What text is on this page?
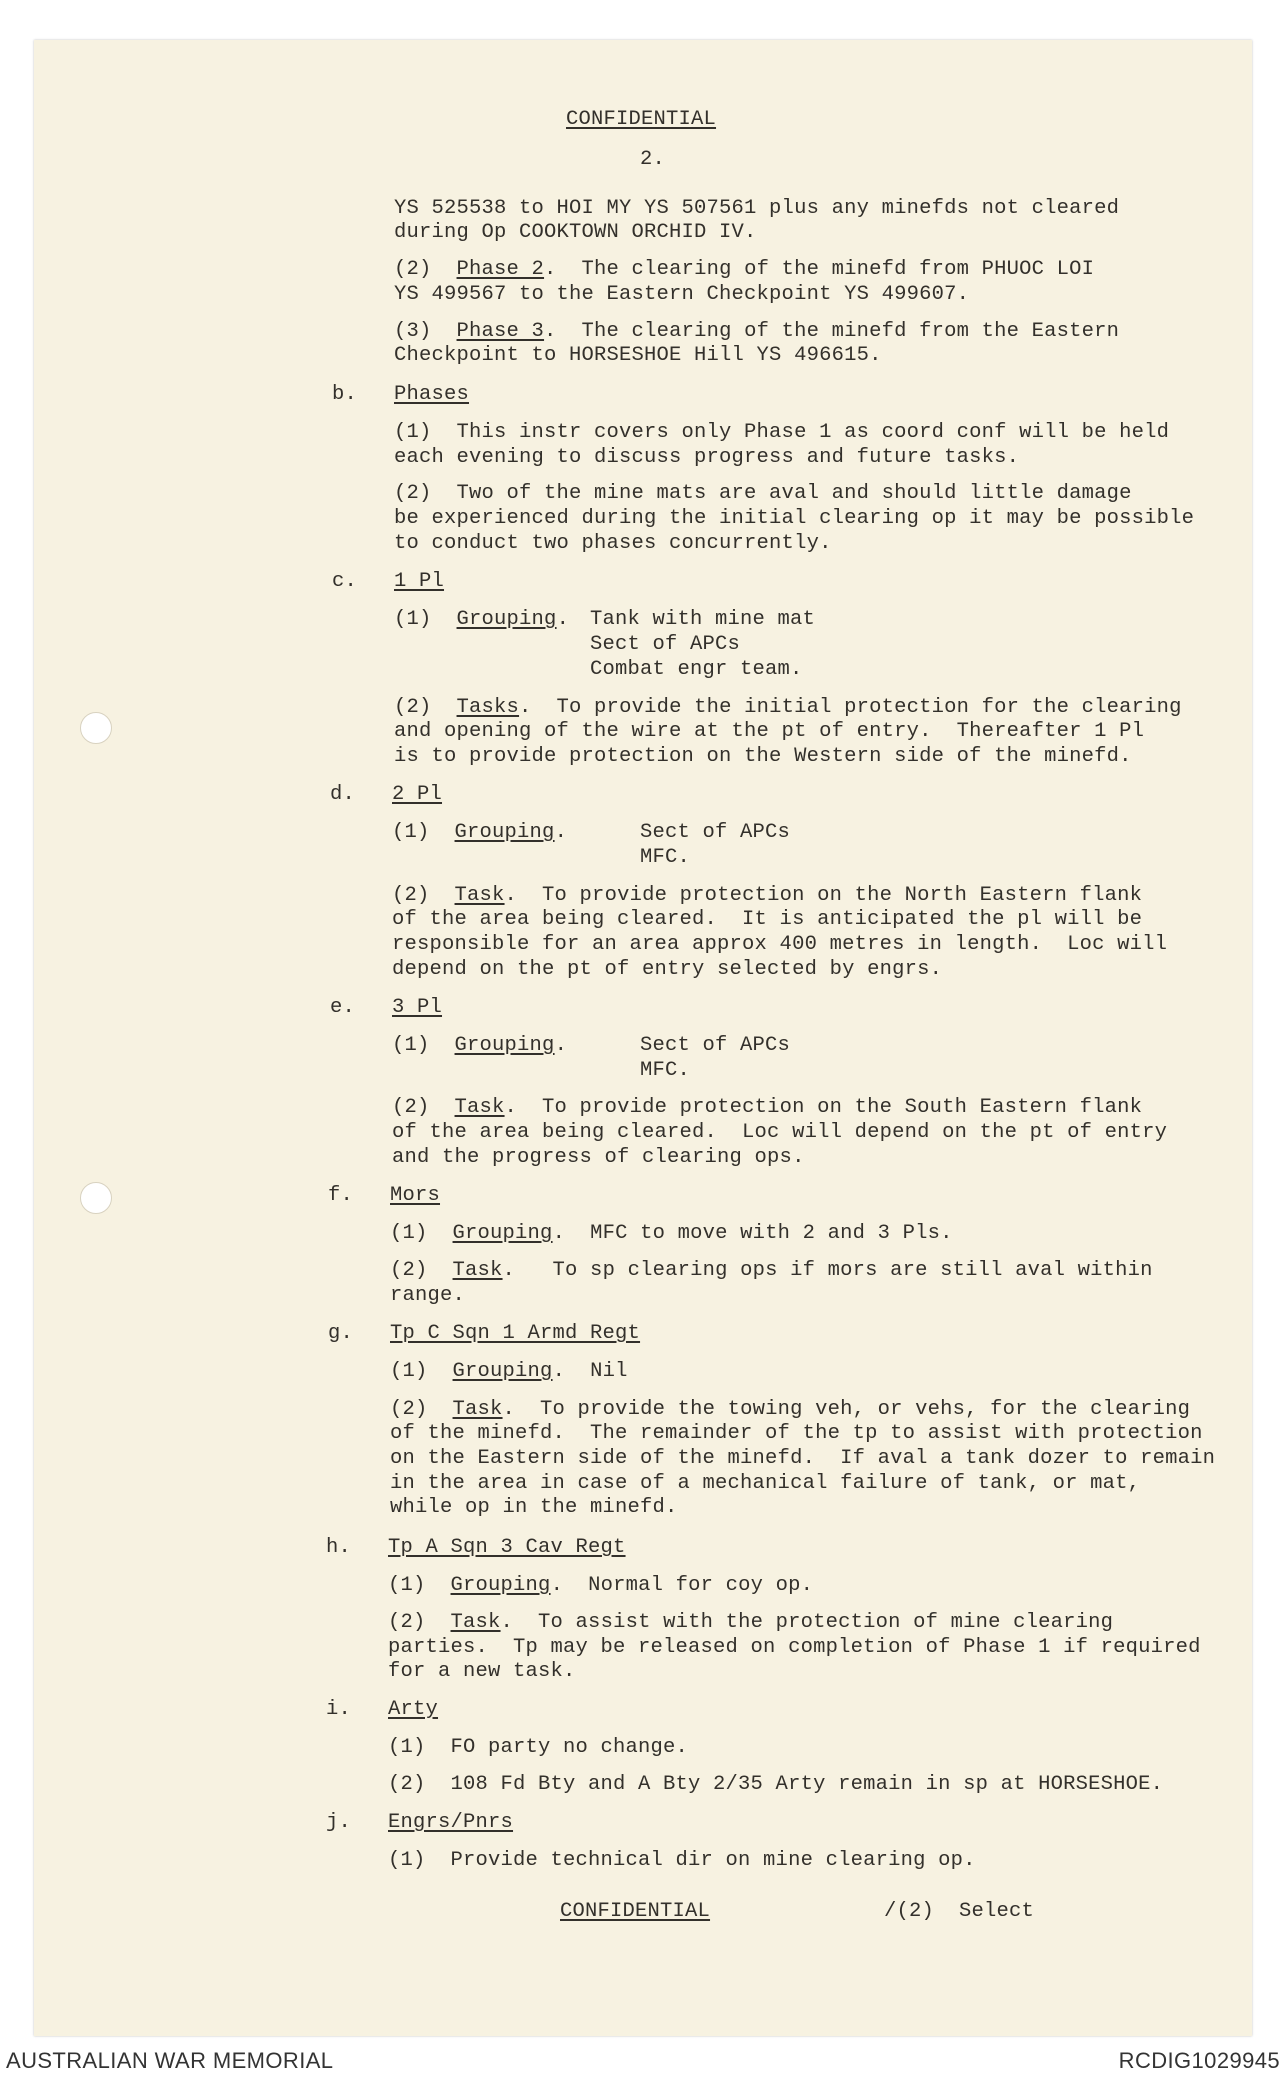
CONFIDENTIAL
2.
YS 525538 to HOI MY YS 507561 plus any minefds not cleared
during Op COOKTOWN ORCHID IV.
(2) Phase 2.  The clearing of the minefd from PHUOC LOI
YS 499567 to the Eastern Checkpoint YS 499607.
(3) Phase 3.  The clearing of the minefd from the Eastern
Checkpoint to HORSESHOE Hill YS 496615.
b. Phases
(1)  This instr covers only Phase 1 as coord conf will be held
each evening to discuss progress and future tasks.
(2)  Two of the mine mats are aval and should little damage
be experienced during the initial clearing op it may be possible
to conduct two phases concurrently.
c. 1 Pl
(1) Grouping. Tank with mine mat
Sect of APCs
Combat engr team.
(2) Tasks.  To provide the initial protection for the clearing
and opening of the wire at the pt of entry.  Thereafter 1 Pl
is to provide protection on the Western side of the minefd.
d. 2 Pl
(1) Grouping.	Sect of APCs
MFC.
(2) Task.  To provide protection on the North Eastern flank
of the area being cleared.  It is anticipated the pl will be
responsible for an area approx 400 metres in length.  Loc will
depend on the pt of entry selected by engrs.
e. 3 Pl
(1) Grouping.	Sect of APCs
MFC.
(2) Task.  To provide protection on the South Eastern flank
of the area being cleared.  Loc will depend on the pt of entry
and the progress of clearing ops.
f. Mors
(1) Grouping.  MFC to move with 2 and 3 Pls.
(2) Task.   To sp clearing ops if mors are still aval within
range.
g. Tp C Sqn 1 Armd Regt
(1) Grouping.  Nil
(2) Task.  To provide the towing veh, or vehs, for the clearing
of the minefd.  The remainder of the tp to assist with protection
on the Eastern side of the minefd.  If aval a tank dozer to remain
in the area in case of a mechanical failure of tank, or mat,
while op in the minefd.
h. Tp A Sqn 3 Cav Regt
(1) Grouping.  Normal for coy op.
(2) Task.  To assist with the protection of mine clearing
parties.  Tp may be released on completion of Phase 1 if required
for a new task.
i. Arty
(1)  FO party no change.
(2)  108 Fd Bty and A Bty 2/35 Arty remain in sp at HORSESHOE.
j. Engrs/Pnrs
(1)  Provide technical dir on mine clearing op.
CONFIDENTIAL	/(2)  Select
AUSTRALIAN WAR MEMORIAL	RCDIG1029945
